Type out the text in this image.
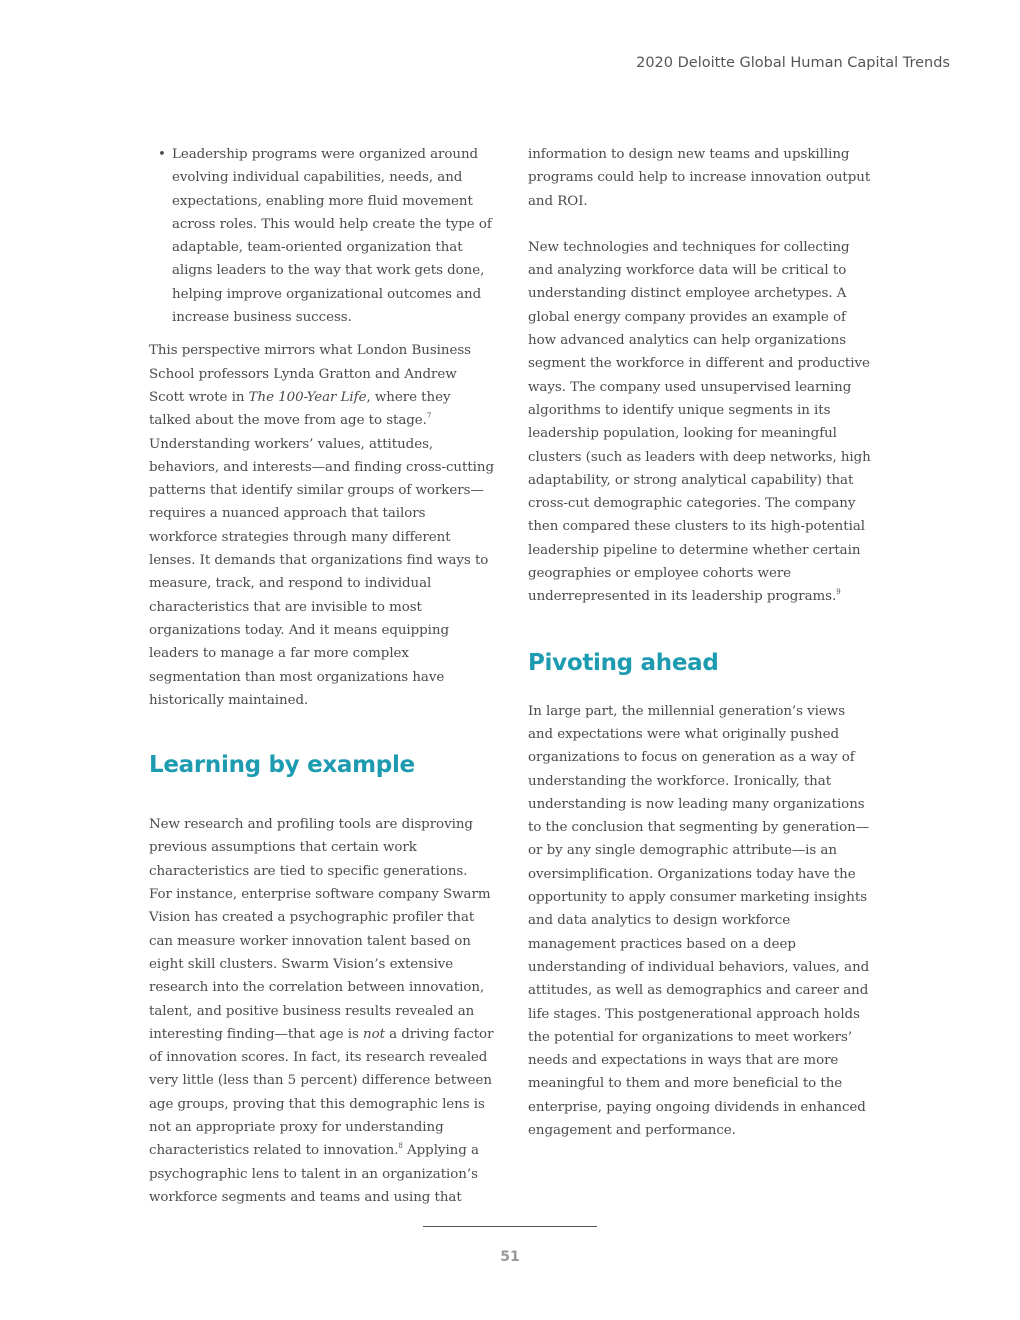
2020 Deloitte Global Human Capital Trends
• Leadership programs were organized around evolving individual capabilities, needs, and expectations, enabling more fluid movement across roles. This would help create the type of adaptable, team-oriented organization that aligns leaders to the way that work gets done, helping improve organizational outcomes and increase business success.

This perspective mirrors what London Business School professors Lynda Gratton and Andrew Scott wrote in The 100-Year Life, where they talked about the move from age to stage.$^7$ Understanding workers’ values, attitudes, behaviors, and interests—and finding cross-cutting patterns that identify similar groups of workers—requires a nuanced approach that tailors workforce strategies through many different lenses. It demands that organizations find ways to measure, track, and respond to individual characteristics that are invisible to most organizations today. And it means equipping leaders to manage a far more complex segmentation than most organizations have historically maintained.

Learning by example

New research and profiling tools are disproving previous assumptions that certain work characteristics are tied to specific generations. For instance, enterprise software company Swarm Vision has created a psychographic profiler that can measure worker innovation talent based on eight skill clusters. Swarm Vision’s extensive research into the correlation between innovation, talent, and positive business results revealed an interesting finding—that age is not a driving factor of innovation scores. In fact, its research revealed very little (less than 5 percent) difference between age groups, proving that this demographic lens is not an appropriate proxy for understanding characteristics related to innovation.$^8$ Applying a psychographic lens to talent in an organization’s workforce segments and teams and using that

information to design new teams and upskilling programs could help to increase innovation output and ROI.

New technologies and techniques for collecting and analyzing workforce data will be critical to understanding distinct employee archetypes. A global energy company provides an example of how advanced analytics can help organizations segment the workforce in different and productive ways. The company used unsupervised learning algorithms to identify unique segments in its leadership population, looking for meaningful clusters (such as leaders with deep networks, high adaptability, or strong analytical capability) that cross-cut demographic categories. The company then compared these clusters to its high-potential leadership pipeline to determine whether certain geographies or employee cohorts were underrepresented in its leadership programs.$^9$

Pivoting ahead

In large part, the millennial generation’s views and expectations were what originally pushed organizations to focus on generation as a way of understanding the workforce. Ironically, that understanding is now leading many organizations to the conclusion that segmenting by generation—or by any single demographic attribute—is an oversimplification. Organizations today have the opportunity to apply consumer marketing insights and data analytics to design workforce management practices based on a deep understanding of individual behaviors, values, and attitudes, as well as demographics and career and life stages. This postgenerational approach holds the potential for organizations to meet workers’ needs and expectations in ways that are more meaningful to them and more beneficial to the enterprise, paying ongoing dividends in enhanced engagement and performance.

51
